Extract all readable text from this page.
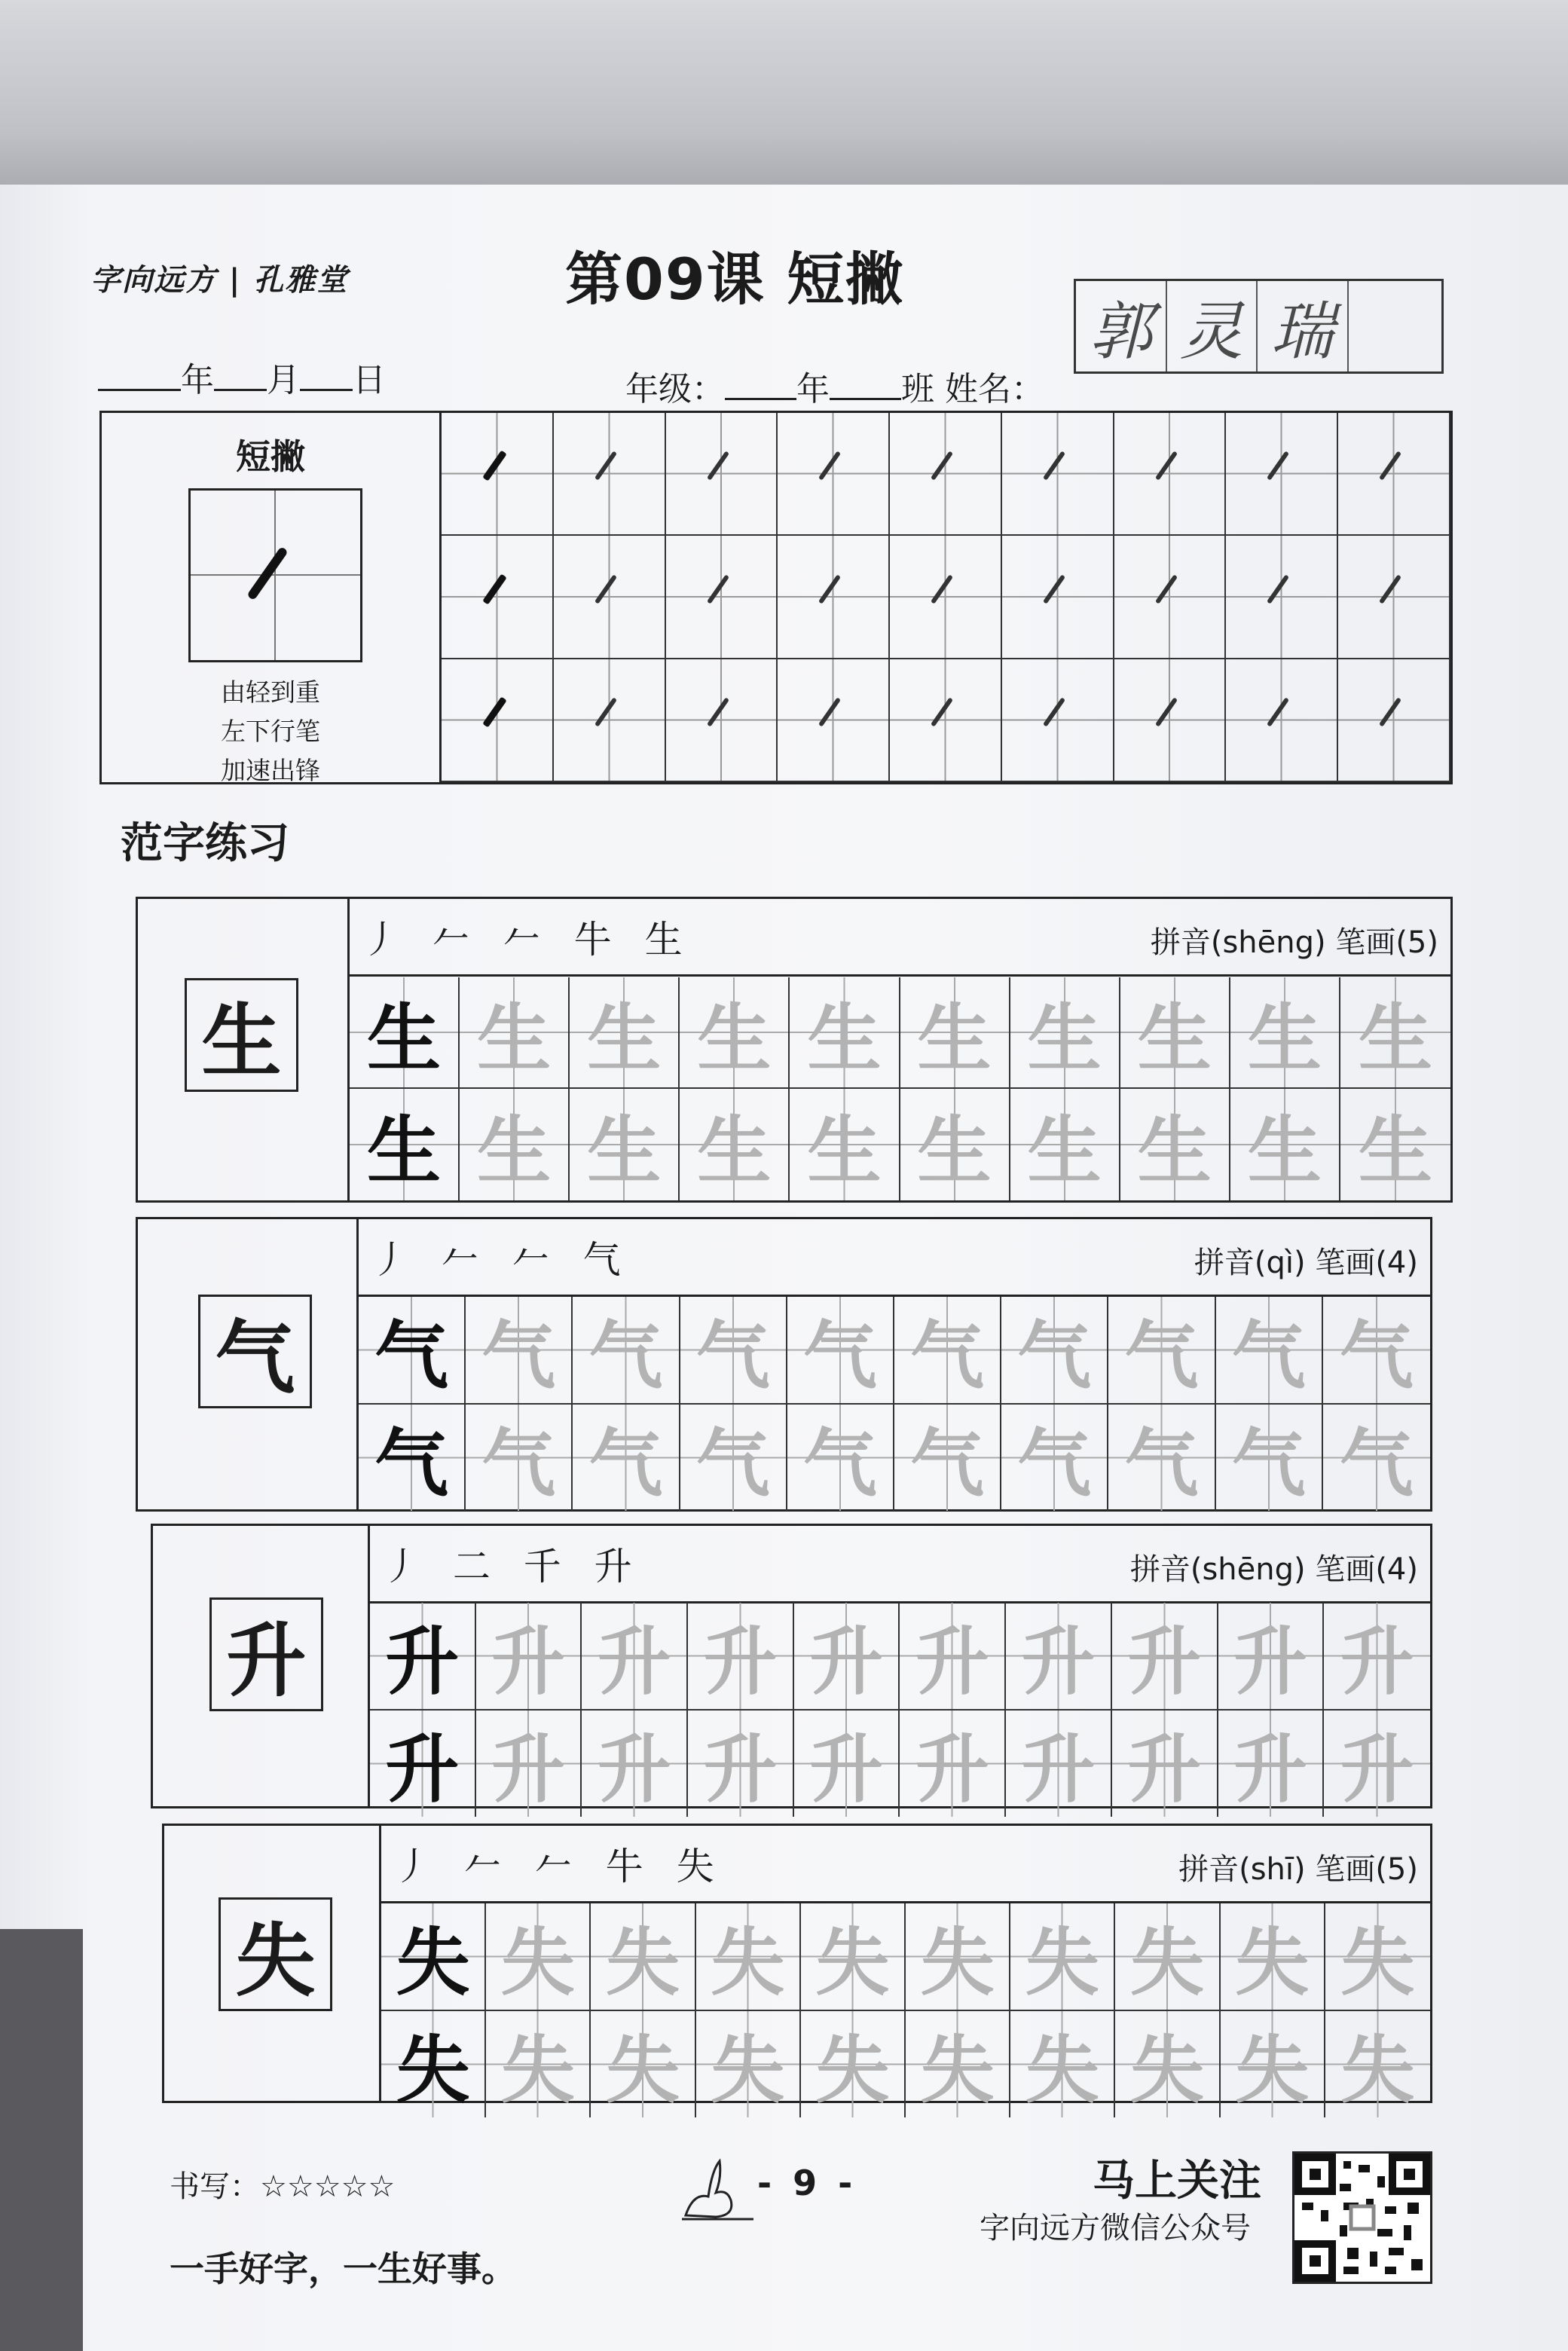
字向远方 | 孔雅堂	第09课 短撇
年 月 日	年级： 年 班 姓名：
郭 灵 瑞
短撇
由轻到重
左下行笔
加速出锋
范字练习
生
丿 𠂉 𠂉 牛 生	拼音(shēng) 笔画(5)
生 生 生 生 生 生 生 生 生 生
生 生 生 生 生 生 生 生 生 生
气
丿 𠂉 𠂉 气	拼音(qì) 笔画(4)
气 气 气 气 气 气 气 气 气 气
气 气 气 气 气 气 气 气 气 气
升
丿 二 千 升	拼音(shēng) 笔画(4)
升 升 升 升 升 升 升 升 升 升
升 升 升 升 升 升 升 升 升 升
失
丿 𠂉 𠂉 牛 失	拼音(shī) 笔画(5)
失 失 失 失 失 失 失 失 失 失
失 失 失 失 失 失 失 失 失 失
书写：☆☆☆☆☆
一手好字，一生好事。
- 9 -	马上关注
字向远方微信公众号
